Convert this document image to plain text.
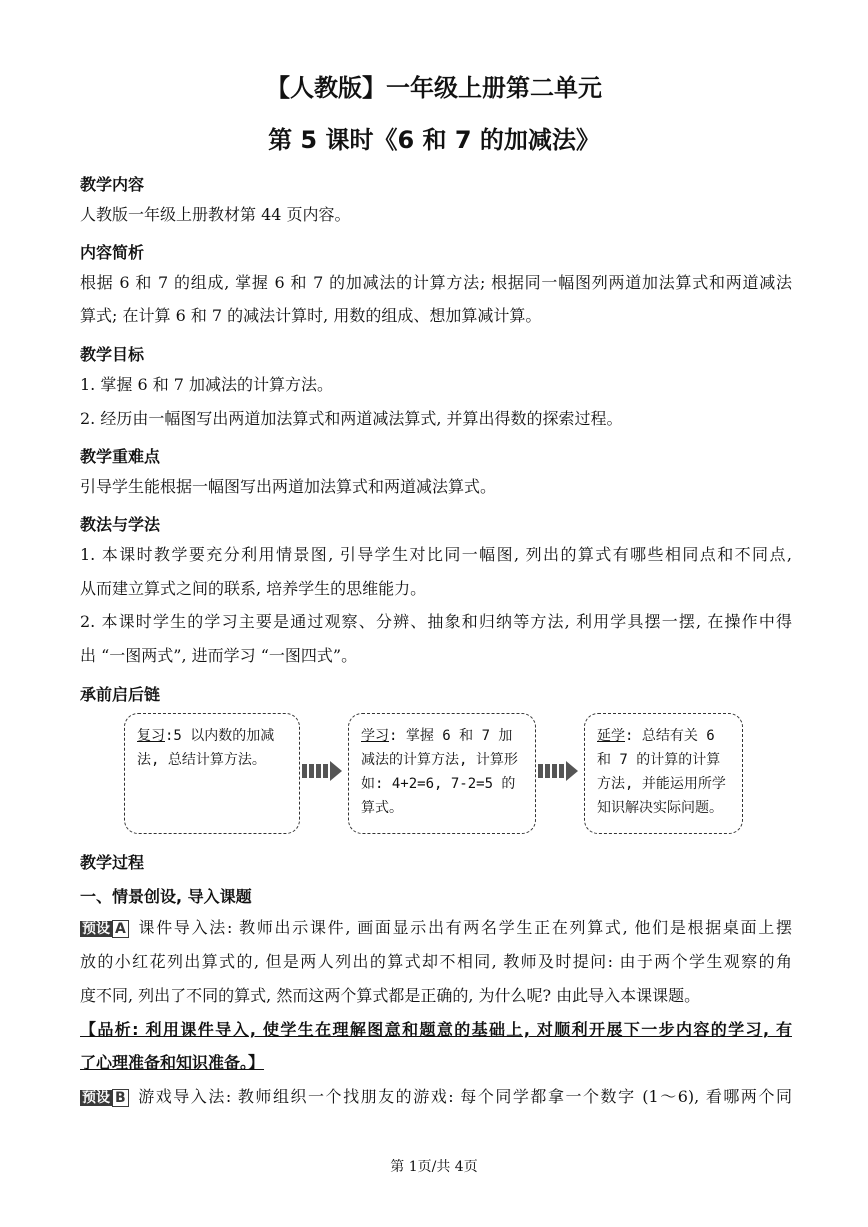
【人教版】一年级上册第二单元
第 5 课时《6 和 7 的加减法》
教学内容
人教版一年级上册教材第 44 页内容。
内容简析
根据 6 和 7 的组成, 掌握 6 和 7 的加减法的计算方法; 根据同一幅图列两道加法算式和两道减法
算式; 在计算 6 和 7 的减法计算时, 用数的组成、想加算减计算。
教学目标
1. 掌握 6 和 7 加减法的计算方法。
2. 经历由一幅图写出两道加法算式和两道减法算式, 并算出得数的探索过程。
教学重难点
引导学生能根据一幅图写出两道加法算式和两道减法算式。
教法与学法
1. 本课时教学要充分利用情景图, 引导学生对比同一幅图, 列出的算式有哪些相同点和不同点,
从而建立算式之间的联系, 培养学生的思维能力。
2. 本课时学生的学习主要是通过观察、分辨、抽象和归纳等方法, 利用学具摆一摆, 在操作中得
出 “一图两式”, 进而学习 “一图四式”。
承前启后链
复习:5 以内数的加减法, 总结计算方法。
学习: 掌握 6 和 7 加减法的计算方法, 计算形如: 4+2=6, 7-2=5 的算式。
延学: 总结有关 6 和 7 的计算的计算方法, 并能运用所学知识解决实际问题。
教学过程
一、情景创设, 导入课题
预设 A 课件导入法: 教师出示课件, 画面显示出有两名学生正在列算式, 他们是根据桌面上摆
放的小红花列出算式的, 但是两人列出的算式却不相同, 教师及时提问: 由于两个学生观察的角
度不同, 列出了不同的算式, 然而这两个算式都是正确的, 为什么呢? 由此导入本课课题。
【品析: 利用课件导入, 使学生在理解图意和题意的基础上, 对顺利开展下一步内容的学习, 有
了心理准备和知识准备。】
预设 B 游戏导入法: 教师组织一个找朋友的游戏: 每个同学都拿一个数字 (1～6), 看哪两个同
第 1页/共 4页
